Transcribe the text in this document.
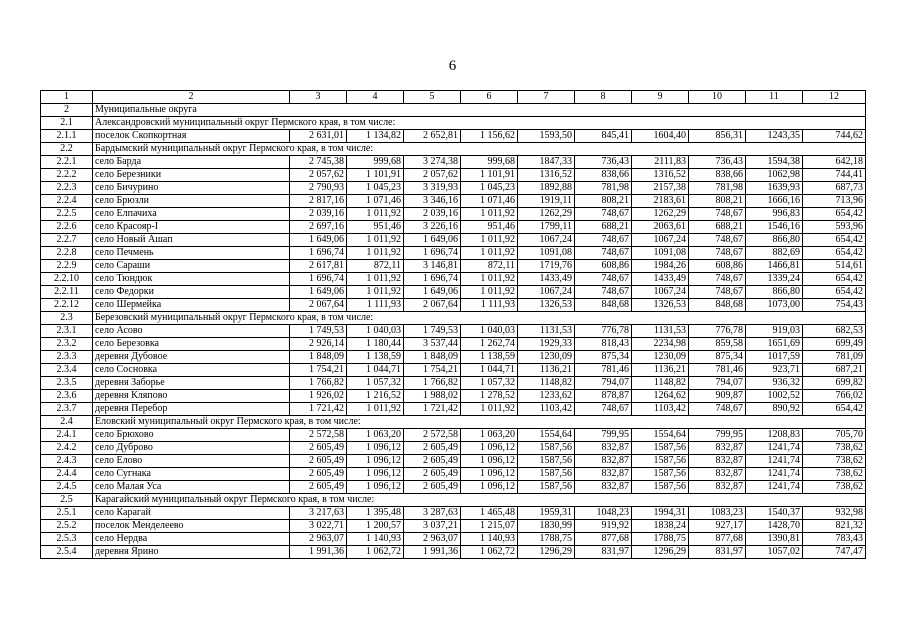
6
1	2	3	4	5	6	7	8	9	10	11	12
2	Муниципальные округа										
2.1	Александровский муниципальный округ Пермского края, в том числе:										
2.1.1	поселок Скопкортная	2 631,01	1 134,82	2 652,81	1 156,62	1593,50	845,41	1604,40	856,31	1243,35	744,62
2.2	Бардымский муниципальный округ Пермского края, в том числе:										
2.2.1	село Барда	2 745,38	999,68	3 274,38	999,68	1847,33	736,43	2111,83	736,43	1594,38	642,18
2.2.2	село Березники	2 057,62	1 101,91	2 057,62	1 101,91	1316,52	838,66	1316,52	838,66	1062,98	744,41
2.2.3	село Бичурино	2 790,93	1 045,23	3 319,93	1 045,23	1892,88	781,98	2157,38	781,98	1639,93	687,73
2.2.4	село Брюзли	2 817,16	1 071,46	3 346,16	1 071,46	1919,11	808,21	2183,61	808,21	1666,16	713,96
2.2.5	село Елпачиха	2 039,16	1 011,92	2 039,16	1 011,92	1262,29	748,67	1262,29	748,67	996,83	654,42
2.2.6	село Красояр-I	2 697,16	951,46	3 226,16	951,46	1799,11	688,21	2063,61	688,21	1546,16	593,96
2.2.7	село Новый Ашап	1 649,06	1 011,92	1 649,06	1 011,92	1067,24	748,67	1067,24	748,67	866,80	654,42
2.2.8	село Печмень	1 696,74	1 011,92	1 696,74	1 011,92	1091,08	748,67	1091,08	748,67	882,69	654,42
2.2.9	село Сараши	2 617,81	872,11	3 146,81	872,11	1719,76	608,86	1984,26	608,86	1466,81	514,61
2.2.10	село Тюндюк	1 696,74	1 011,92	1 696,74	1 011,92	1433,49	748,67	1433,49	748,67	1339,24	654,42
2.2.11	село Федорки	1 649,06	1 011,92	1 649,06	1 011,92	1067,24	748,67	1067,24	748,67	866,80	654,42
2.2.12	село Шермейка	2 067,64	1 111,93	2 067,64	1 111,93	1326,53	848,68	1326,53	848,68	1073,00	754,43
2.3	Березовский муниципальный округ Пермского края, в том числе:										
2.3.1	село Асово	1 749,53	1 040,03	1 749,53	1 040,03	1131,53	776,78	1131,53	776,78	919,03	682,53
2.3.2	село Березовка	2 926,14	1 180,44	3 537,44	1 262,74	1929,33	818,43	2234,98	859,58	1651,69	699,49
2.3.3	деревня Дубовое	1 848,09	1 138,59	1 848,09	1 138,59	1230,09	875,34	1230,09	875,34	1017,59	781,09
2.3.4	село Сосновка	1 754,21	1 044,71	1 754,21	1 044,71	1136,21	781,46	1136,21	781,46	923,71	687,21
2.3.5	деревня Заборье	1 766,82	1 057,32	1 766,82	1 057,32	1148,82	794,07	1148,82	794,07	936,32	699,82
2.3.6	деревня Кляпово	1 926,02	1 216,52	1 988,02	1 278,52	1233,62	878,87	1264,62	909,87	1002,52	766,02
2.3.7	деревня Перебор	1 721,42	1 011,92	1 721,42	1 011,92	1103,42	748,67	1103,42	748,67	890,92	654,42
2.4	Еловский муниципальный округ Пермского края, в том числе:										
2.4.1	село Брюхово	2 572,58	1 063,20	2 572,58	1 063,20	1554,64	799,95	1554,64	799,95	1208,83	705,70
2.4.2	село Дуброво	2 605,49	1 096,12	2 605,49	1 096,12	1587,56	832,87	1587,56	832,87	1241,74	738,62
2.4.3	село Елово	2 605,49	1 096,12	2 605,49	1 096,12	1587,56	832,87	1587,56	832,87	1241,74	738,62
2.4.4	село Сугнака	2 605,49	1 096,12	2 605,49	1 096,12	1587,56	832,87	1587,56	832,87	1241,74	738,62
2.4.5	село Малая Уса	2 605,49	1 096,12	2 605,49	1 096,12	1587,56	832,87	1587,56	832,87	1241,74	738,62
2.5	Карагайский муниципальный округ Пермского края, в том числе:										
2.5.1	село Карагай	3 217,63	1 395,48	3 287,63	1 465,48	1959,31	1048,23	1994,31	1083,23	1540,37	932,98
2.5.2	поселок Менделеево	3 022,71	1 200,57	3 037,21	1 215,07	1830,99	919,92	1838,24	927,17	1428,70	821,32
2.5.3	село Нердва	2 963,07	1 140,93	2 963,07	1 140,93	1788,75	877,68	1788,75	877,68	1390,81	783,43
2.5.4	деревня Ярино	1 991,36	1 062,72	1 991,36	1 062,72	1296,29	831,97	1296,29	831,97	1057,02	747,47
